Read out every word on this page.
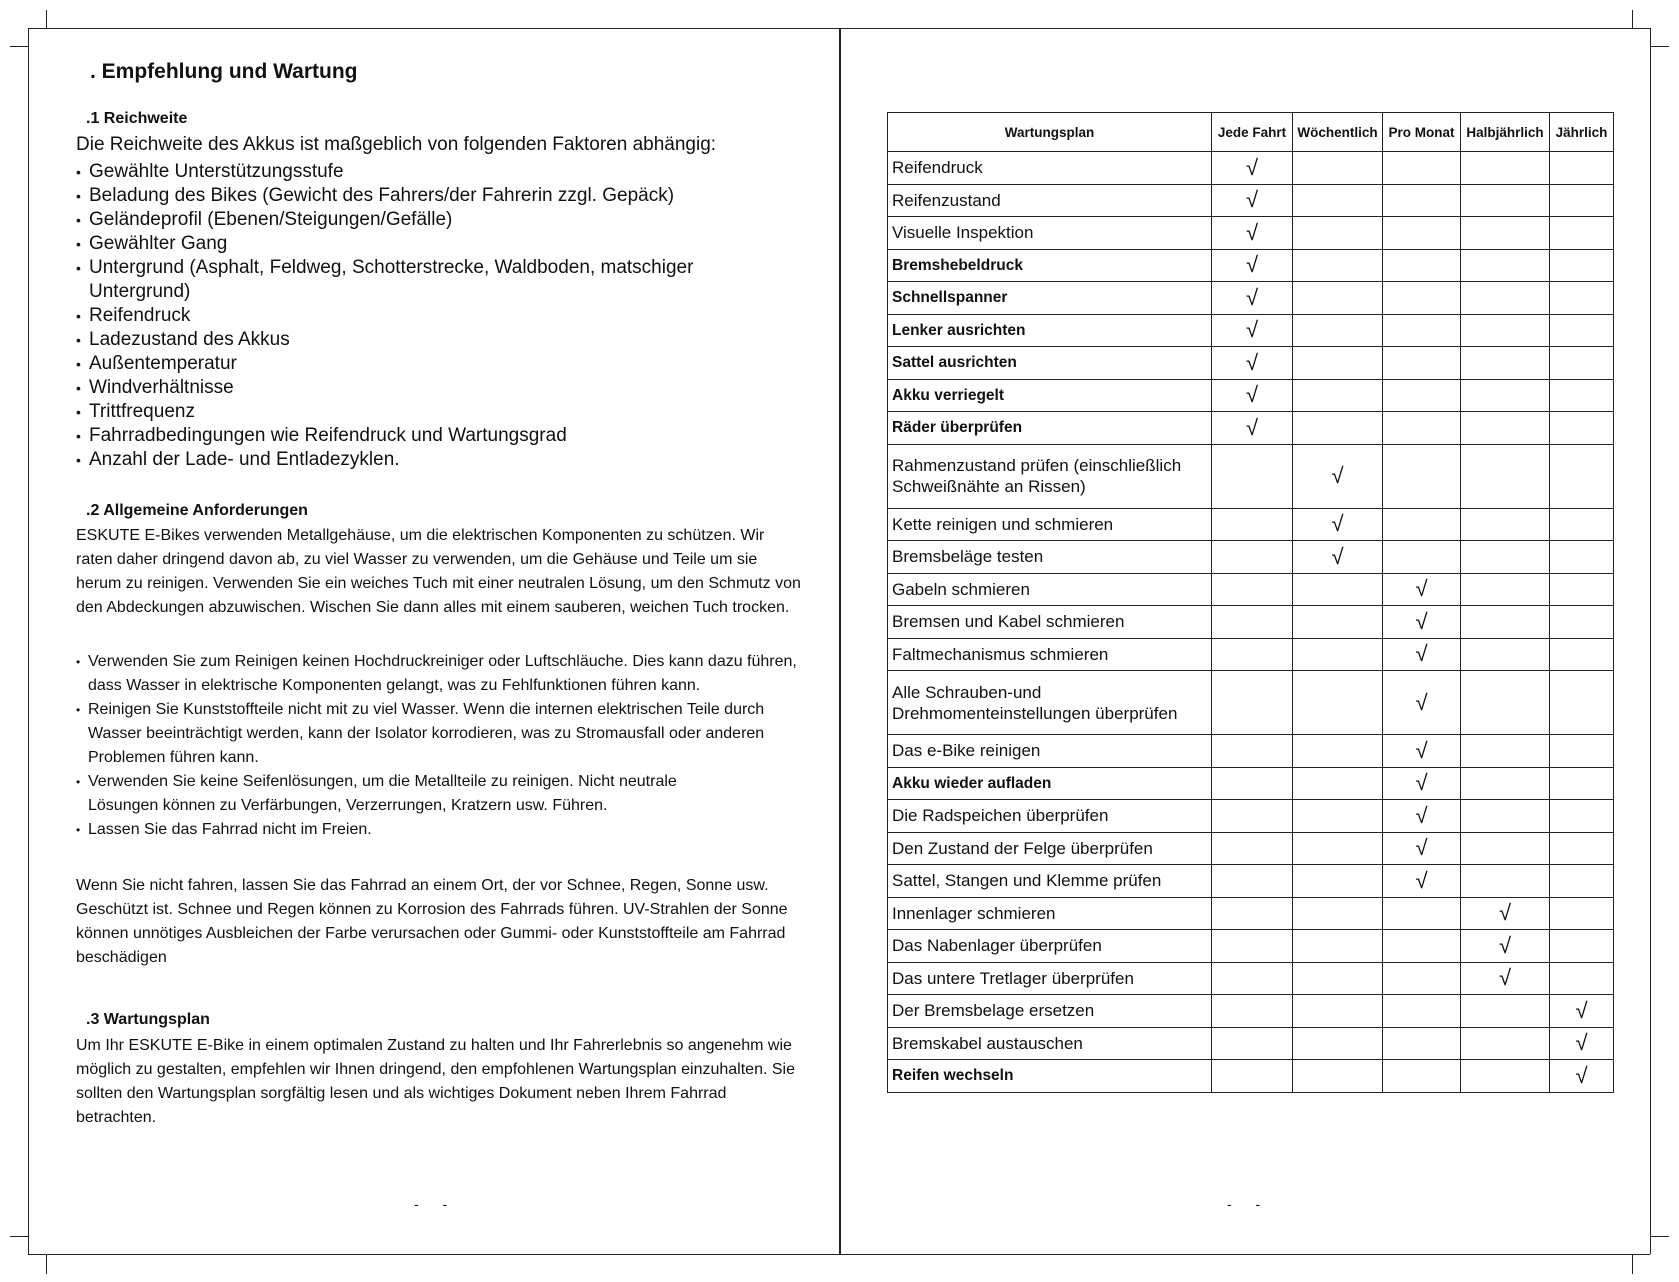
. Empfehlung und Wartung
.1 Reichweite
Die Reichweite des Akkus ist maßgeblich von folgenden Faktoren abhängig:
• Gewählte Unterstützungsstufe
• Beladung des Bikes (Gewicht des Fahrers/der Fahrerin zzgl. Gepäck)
• Geländeprofil (Ebenen/Steigungen/Gefälle)
• Gewählter Gang
• Untergrund (Asphalt, Feldweg, Schotterstrecke, Waldboden, matschiger Untergrund)
• Reifendruck
• Ladezustand des Akkus
• Außentemperatur
• Windverhältnisse
• Trittfrequenz
• Fahrradbedingungen wie Reifendruck und Wartungsgrad
• Anzahl der Lade- und Entladezyklen.
.2 Allgemeine Anforderungen

ESKUTE E-Bikes verwenden Metallgehäuse, um die elektrischen Komponenten zu schützen. Wir raten daher dringend davon ab, zu viel Wasser zu verwenden, um die Gehäuse und Teile um sie herum zu reinigen. Verwenden Sie ein weiches Tuch mit einer neutralen Lösung, um den Schmutz von den Abdeckungen abzuwischen. Wischen Sie dann alles mit einem sauberen, weichen Tuch trocken.

• Verwenden Sie zum Reinigen keinen Hochdruckreiniger oder Luftschläuche. Dies kann dazu führen, dass Wasser in elektrische Komponenten gelangt, was zu Fehlfunktionen führen kann.
• Reinigen Sie Kunststoffteile nicht mit zu viel Wasser. Wenn die internen elektrischen Teile durch Wasser beeinträchtigt werden, kann der Isolator korrodieren, was zu Stromausfall oder anderen Problemen führen kann.
• Verwenden Sie keine Seifenlösungen, um die Metallteile zu reinigen. Nicht neutrale Lösungen können zu Verfärbungen, Verzerrungen, Kratzern usw. Führen.
• Lassen Sie das Fahrrad nicht im Freien.

Wenn Sie nicht fahren, lassen Sie das Fahrrad an einem Ort, der vor Schnee, Regen, Sonne usw. Geschützt ist. Schnee und Regen können zu Korrosion des Fahrrads führen. UV-Strahlen der Sonne können unnötiges Ausbleichen der Farbe verursachen oder Gummi- oder Kunststoffteile am Fahrrad beschädigen

.3 Wartungsplan

Um Ihr ESKUTE E-Bike in einem optimalen Zustand zu halten und Ihr Fahrerlebnis so angenehm wie möglich zu gestalten, empfehlen wir Ihnen dringend, den empfohlenen Wartungsplan einzuhalten. Sie sollten den Wartungsplan sorgfältig lesen und als wichtiges Dokument neben Ihrem Fahrrad betrachten.

- -	- -
Wartungsplan	Jede Fahrt	Wöchentlich	Pro Monat	Halbjährlich	Jährlich
Reifendruck	√				
Reifenzustand	√				
Visuelle Inspektion	√				
Bremshebeldruck	√				
Schnellspanner	√				
Lenker ausrichten	√				
Sattel ausrichten	√				
Akku verriegelt	√				
Räder überprüfen	√				
Rahmenzustand prüfen (einschließlich Schweißnähte an Rissen)		√			
Kette reinigen und schmieren		√			
Bremsbeläge testen		√			
Gabeln schmieren			√		
Bremsen und Kabel schmieren			√		
Faltmechanismus schmieren			√		
Alle Schrauben-und Drehmomenteinstellungen überprüfen			√		
Das e-Bike reinigen			√		
Akku wieder aufladen			√		
Die Radspeichen überprüfen			√		
Den Zustand der Felge überprüfen			√		
Sattel, Stangen und Klemme prüfen			√		
Innenlager schmieren				√	
Das Nabenlager überprüfen				√	
Das untere Tretlager überprüfen				√	
Der Bremsbelage ersetzen					√
Bremskabel austauschen					√
Reifen wechseln					√
